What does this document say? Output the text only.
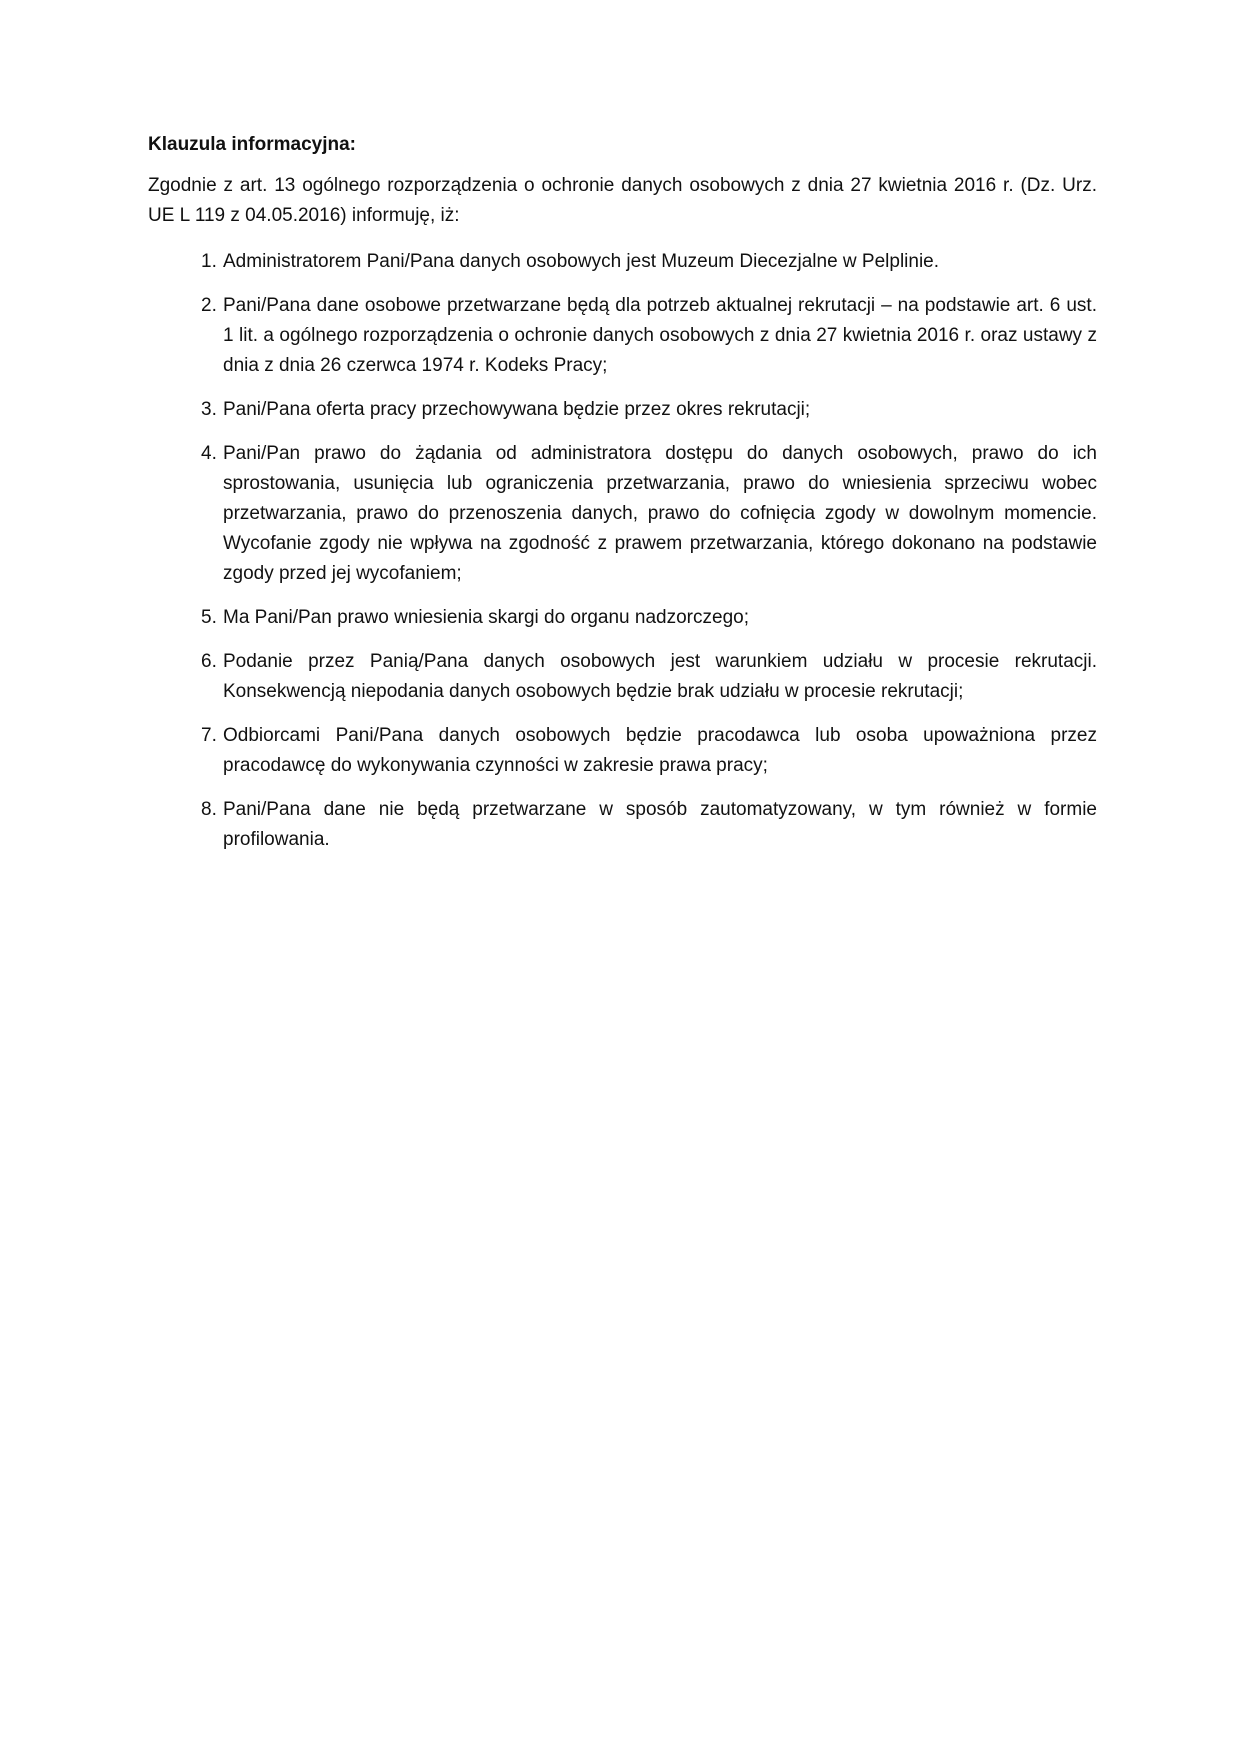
Klauzula informacyjna:
Zgodnie z art. 13 ogólnego rozporządzenia o ochronie danych osobowych z dnia 27 kwietnia 2016 r. (Dz. Urz. UE L 119 z 04.05.2016) informuję, iż:
1. Administratorem Pani/Pana danych osobowych jest Muzeum Diecezjalne w Pelplinie.
2. Pani/Pana dane osobowe przetwarzane będą dla potrzeb aktualnej rekrutacji – na podstawie art. 6 ust. 1 lit. a ogólnego rozporządzenia o ochronie danych osobowych z dnia 27 kwietnia 2016 r. oraz ustawy z dnia z dnia 26 czerwca 1974 r. Kodeks Pracy;
3. Pani/Pana oferta pracy przechowywana będzie przez okres rekrutacji;
4. Pani/Pan prawo do żądania od administratora dostępu do danych osobowych, prawo do ich sprostowania, usunięcia lub ograniczenia przetwarzania, prawo do wniesienia sprzeciwu wobec przetwarzania, prawo do przenoszenia danych, prawo do cofnięcia zgody w dowolnym momencie. Wycofanie zgody nie wpływa na zgodność z prawem przetwarzania, którego dokonano na podstawie zgody przed jej wycofaniem;
5. Ma Pani/Pan prawo wniesienia skargi do organu nadzorczego;
6. Podanie przez Panią/Pana danych osobowych jest warunkiem udziału w procesie rekrutacji. Konsekwencją niepodania danych osobowych będzie brak udziału w procesie rekrutacji;
7. Odbiorcami Pani/Pana danych osobowych będzie pracodawca lub osoba upoważniona przez pracodawcę do wykonywania czynności w zakresie prawa pracy;
8. Pani/Pana dane nie będą przetwarzane w sposób zautomatyzowany, w tym również w formie profilowania.
